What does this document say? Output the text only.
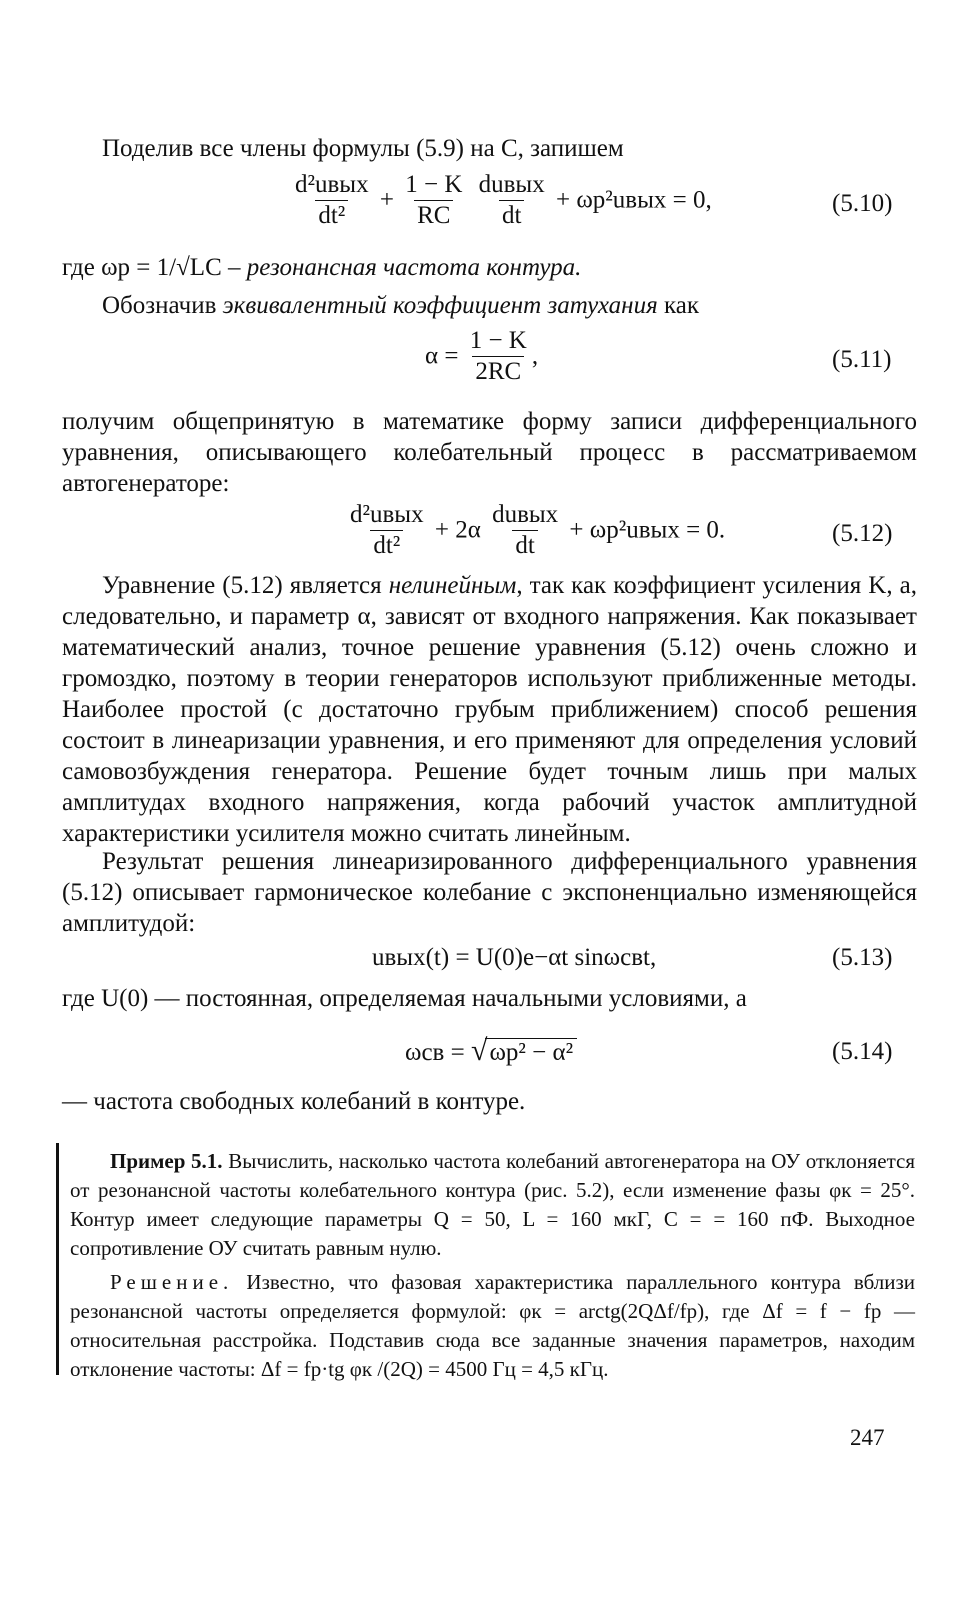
Поделив все члены формулы (5.9) на C, запишем
$\frac{\text{d²uвых}}{\text{dt²}} + \frac{1 - K}{RC}$
$\frac{\text{duвых}}{dt}$ + ωp²uвых = 0,	(5.10)
где ωp = 1/√LC – резонансная частота контура.
Обозначив эквивалентный коэффициент затухания как
$\alpha = \frac{1 - K}{2RC}$ ,	(5.11)
получим общепринятую в математике форму записи дифференциального уравнения, описывающего колебательный процесс в рассматриваемом автогенераторе:
$\frac{\text{d²uвых}}{\text{dt²}} + 2\alpha \frac{\text{duвых}}{dt}$ + ωp²uвых = 0.	(5.12)
Уравнение (5.12) является нелинейным, так как коэффициент усиления K, а, следовательно, и параметр α, зависят от входного напряжения. Как показывает математический анализ, точное решение уравнения (5.12) очень сложно и громоздко, поэтому в теории генераторов используют приближенные методы. Наиболее простой (с достаточно грубым приближением) способ решения состоит в линеаризации уравнения, и его применяют для определения условий самовозбуждения генератора. Решение будет точным лишь при малых амплитудах входного напряжения, когда рабочий участок амплитудной характеристики усилителя можно считать линейным.
Результат решения линеаризированного дифференциального уравнения (5.12) описывает гармоническое колебание с экспоненциально изменяющейся амплитудой:
uвых(t) = U(0)e−αt sinωсвt,	(5.13)
где U(0) — постоянная, определяемая начальными условиями, а
ωсв = √ωp² − α²	(5.14)
— частота свободных колебаний в контуре.
Пример 5.1. Вычислить, насколько частота колебаний автогенератора на ОУ отклоняется от резонансной частоты колебательного контура (рис. 5.2), если изменение фазы φк = 25°. Контур имеет следующие параметры Q = 50, L = 160 мкГ, C = = 160 пФ. Выходное сопротивление ОУ считать равным нулю.
Решение. Известно, что фазовая характеристика параллельного контура вблизи резонансной частоты определяется формулой: φк = arctg(2QΔf/fp), где Δf = f − fp — относительная расстройка. Подставив сюда все заданные значения параметров, находим отклонение частоты: Δf = fp·tg φк /(2Q) = 4500 Гц = 4,5 кГц.
247
